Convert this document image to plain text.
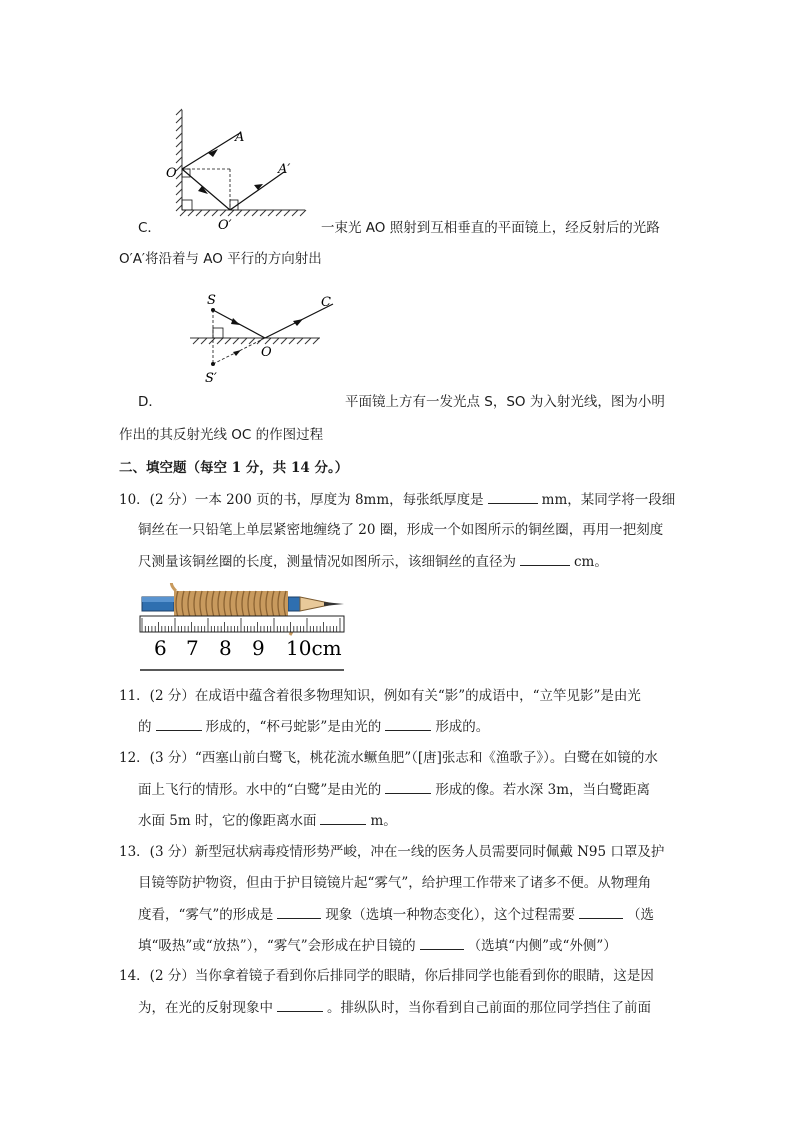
A
A′
O
O′
C．	一束光 AO 照射到互相垂直的平面镜上，经反射后的光路
O′A′将沿着与 AO 平行的方向射出
S	C
O
S′
D．	平面镜上方有一发光点 S，SO 为入射光线，图为小明
作出的其反射光线 OC 的作图过程
二、填空题（每空 1 分，共 14 分。）
10．(2 分）一本 200 页的书，厚度为 8mm，每张纸厚度是	mm，某同学将一段细
铜丝在一只铅笔上单层紧密地缠绕了 20 圈，形成一个如图所示的铜丝圈，再用一把刻度
尺测量该铜丝圈的长度，测量情况如图所示，该细铜丝的直径为	cm。
6 7 8 9 10cm
11．(2 分）在成语中蕴含着很多物理知识，例如有关“影”的成语中，“立竿见影”是由光
的	形成的，“杯弓蛇影”是由光的	形成的。
12．(3 分）“西塞山前白鹭飞，桃花流水鳜鱼肥”（[唐]张志和《渔歌子》）。白鹭在如镜的水
面上飞行的情形。水中的“白鹭”是由光的	形成的像。若水深 3m，当白鹭距离
水面 5m 时，它的像距离水面	m。
13．(3 分）新型冠状病毒疫情形势严峻，冲在一线的医务人员需要同时佩戴 N95 口罩及护
目镜等防护物资，但由于护目镜镜片起“雾气”，给护理工作带来了诸多不便。从物理角
度看，“雾气”的形成是	现象（选填一种物态变化），这个过程需要	（选
填“吸热”或“放热”），“雾气”会形成在护目镜的	（选填“内侧”或“外侧”）
14．(2 分）当你拿着镜子看到你后排同学的眼睛，你后排同学也能看到你的眼睛，这是因
为，在光的反射现象中	。排纵队时，当你看到自己前面的那位同学挡住了前面
